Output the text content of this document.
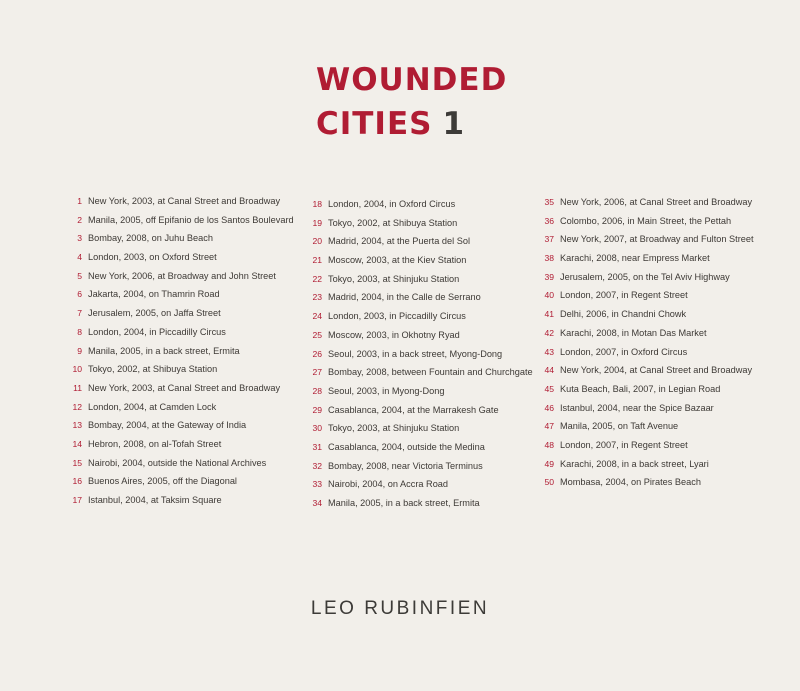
WOUNDED
CITIES 1
1 New York, 2003, at Canal Street and Broadway
2 Manila, 2005, off Epifanio de los Santos Boulevard
3 Bombay, 2008, on Juhu Beach
4 London, 2003, on Oxford Street
5 New York, 2006, at Broadway and John Street
6 Jakarta, 2004, on Thamrin Road
7 Jerusalem, 2005, on Jaffa Street
8 London, 2004, in Piccadilly Circus
9 Manila, 2005, in a back street, Ermita
10 Tokyo, 2002, at Shibuya Station
11 New York, 2003, at Canal Street and Broadway
12 London, 2004, at Camden Lock
13 Bombay, 2004, at the Gateway of India
14 Hebron, 2008, on al-Tofah Street
15 Nairobi, 2004, outside the National Archives
16 Buenos Aires, 2005, off the Diagonal
17 Istanbul, 2004, at Taksim Square
18 London, 2004, in Oxford Circus
19 Tokyo, 2002, at Shibuya Station
20 Madrid, 2004, at the Puerta del Sol
21 Moscow, 2003, at the Kiev Station
22 Tokyo, 2003, at Shinjuku Station
23 Madrid, 2004, in the Calle de Serrano
24 London, 2003, in Piccadilly Circus
25 Moscow, 2003, in Okhotny Ryad
26 Seoul, 2003, in a back street, Myong-Dong
27 Bombay, 2008, between Fountain and Churchgate
28 Seoul, 2003, in Myong-Dong
29 Casablanca, 2004, at the Marrakesh Gate
30 Tokyo, 2003, at Shinjuku Station
31 Casablanca, 2004, outside the Medina
32 Bombay, 2008, near Victoria Terminus
33 Nairobi, 2004, on Accra Road
34 Manila, 2005, in a back street, Ermita
35 New York, 2006, at Canal Street and Broadway
36 Colombo, 2006, in Main Street, the Pettah
37 New York, 2007, at Broadway and Fulton Street
38 Karachi, 2008, near Empress Market
39 Jerusalem, 2005, on the Tel Aviv Highway
40 London, 2007, in Regent Street
41 Delhi, 2006, in Chandni Chowk
42 Karachi, 2008, in Motan Das Market
43 London, 2007, in Oxford Circus
44 New York, 2004, at Canal Street and Broadway
45 Kuta Beach, Bali, 2007, in Legian Road
46 Istanbul, 2004, near the Spice Bazaar
47 Manila, 2005, on Taft Avenue
48 London, 2007, in Regent Street
49 Karachi, 2008, in a back street, Lyari
50 Mombasa, 2004, on Pirates Beach
LEO RUBINFIEN
